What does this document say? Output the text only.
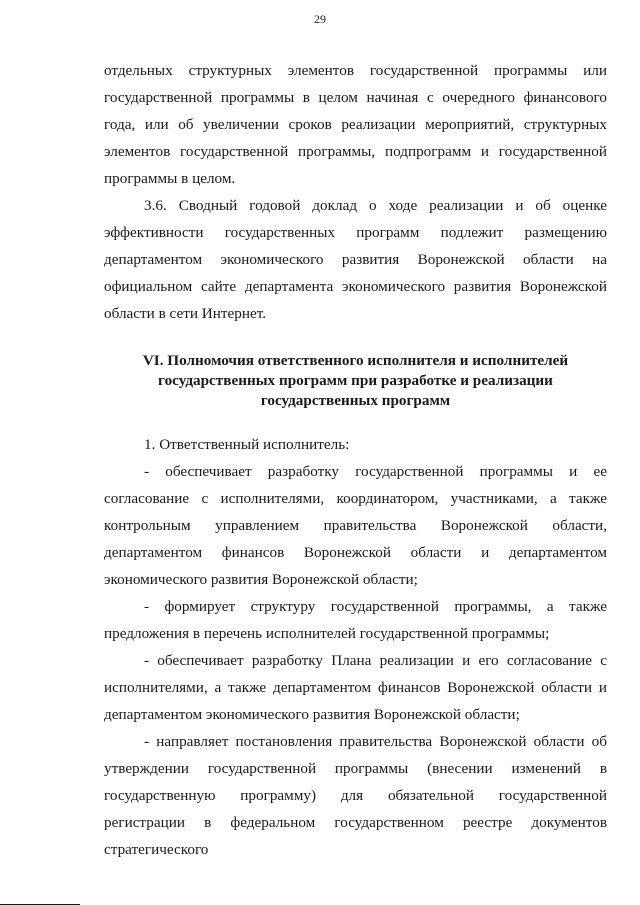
29

отдельных структурных элементов государственной программы или государственной программы в целом начиная с очередного финансового года, или об увеличении сроков реализации мероприятий, структурных элементов государственной программы, подпрограмм и государственной программы в целом.

3.6. Сводный годовой доклад о ходе реализации и об оценке эффективности государственных программ подлежит размещению департаментом экономического развития Воронежской области на официальном сайте департамента экономического развития Воронежской области в сети Интернет.

VI. Полномочия ответственного исполнителя и исполнителей
государственных программ при разработке и реализации
государственных программ

1. Ответственный исполнитель:

- обеспечивает разработку государственной программы и ее согласование с исполнителями, координатором, участниками, а также контрольным управлением правительства Воронежской области, департаментом финансов Воронежской области и департаментом экономического развития Воронежской области;

- формирует структуру государственной программы, а также предложения в перечень исполнителей государственной программы;

- обеспечивает разработку Плана реализации и его согласование с исполнителями, а также департаментом финансов Воронежской области и департаментом экономического развития Воронежской области;

- направляет постановления правительства Воронежской области об утверждении государственной программы (внесении изменений в государственную программу) для обязательной государственной регистрации в федеральном государственном реестре документов стратегического
